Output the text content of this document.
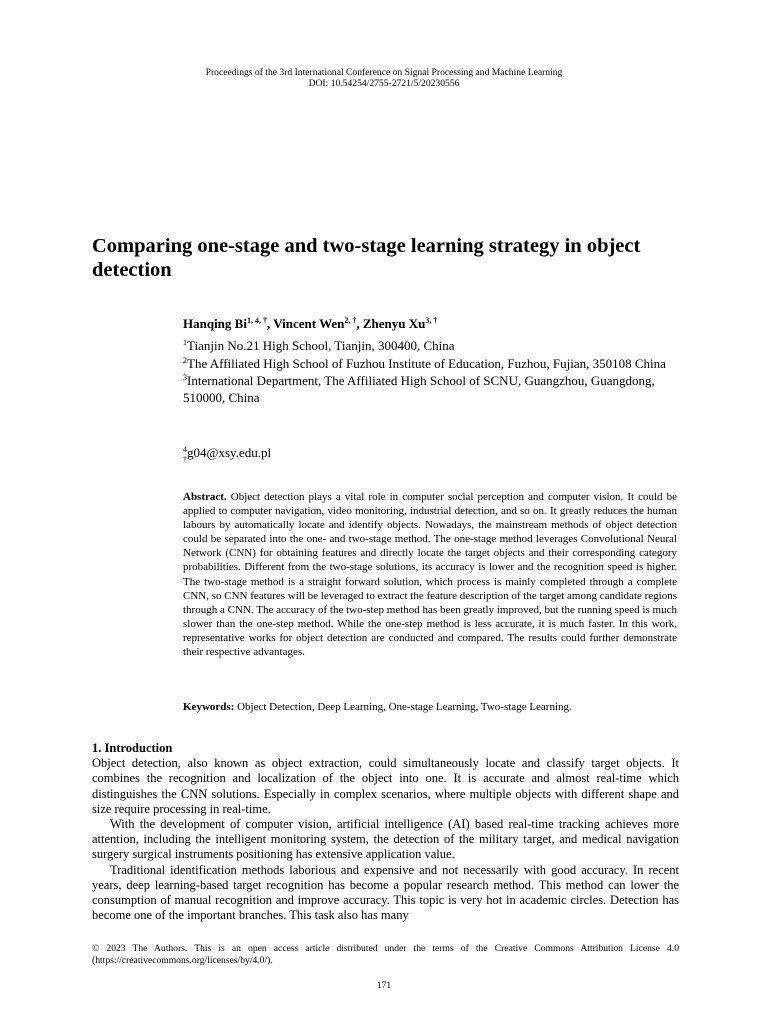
Proceedings of the 3rd International Conference on Signal Processing and Machine Learning
DOI: 10.54254/2755-2721/5/20230556
Comparing one-stage and two-stage learning strategy in object detection
Hanqing $Bi^{1, 4, \dagger}$, Vincent Wen$^{2, \dagger}$, Zhenyu $Xu^{3, \dagger}$
$^1$Tianjin No.21 High School, Tianjin, 300400, China
$^2$The Affiliated High School of Fuzhou Institute of Education, Fuzhou, Fujian, 350108 China
$^3$International Department, The Affiliated High School of SCNU, Guangzhou, Guangdong, 510000, China
$^4$g04@xsy.edu.pl
†
Abstract. Object detection plays a vital role in computer social perception and computer vision. It could be applied to computer navigation, video monitoring, industrial detection, and so on. It greatly reduces the human labours by automatically locate and identify objects. Nowadays, the mainstream methods of object detection could be separated into the one- and two-stage method. The one-stage method leverages Convolutional Neural Network (CNN) for obtaining features and directly locate the target objects and their corresponding category probabilities. Different from the two-stage solutions, its accuracy is lower and the recognition speed is higher. The two-stage method is a straight forward solution, which process is mainly completed through a complete CNN, so CNN features will be leveraged to extract the feature description of the target among candidate regions through a CNN. The accuracy of the two-step method has been greatly improved, but the running speed is much slower than the one-step method. While the one-step method is less accurate, it is much faster. In this work, representative works for object detection are conducted and compared. The results could further demonstrate their respective advantages.
Keywords: Object Detection, Deep Learning, One-stage Learning, Two-stage Learning.
1. Introduction

Object detection, also known as object extraction, could simultaneously locate and classify target objects. It combines the recognition and localization of the object into one. It is accurate and almost real-time which distinguishes the CNN solutions. Especially in complex scenarios, where multiple objects with different shape and size require processing in real-time.

With the development of computer vision, artificial intelligence (AI) based real-time tracking achieves more attention, including the intelligent monitoring system, the detection of the military target, and medical navigation surgery surgical instruments positioning has extensive application value.

Traditional identification methods laborious and expensive and not necessarily with good accuracy. In recent years, deep learning-based target recognition has become a popular research method. This method can lower the consumption of manual recognition and improve accuracy. This topic is very hot in academic circles. Detection has become one of the important branches. This task also has many

© 2023 The Authors. This is an open access article distributed under the terms of the Creative Commons Attribution License 4.0 (https://creativecommons.org/licenses/by/4.0/).
171
